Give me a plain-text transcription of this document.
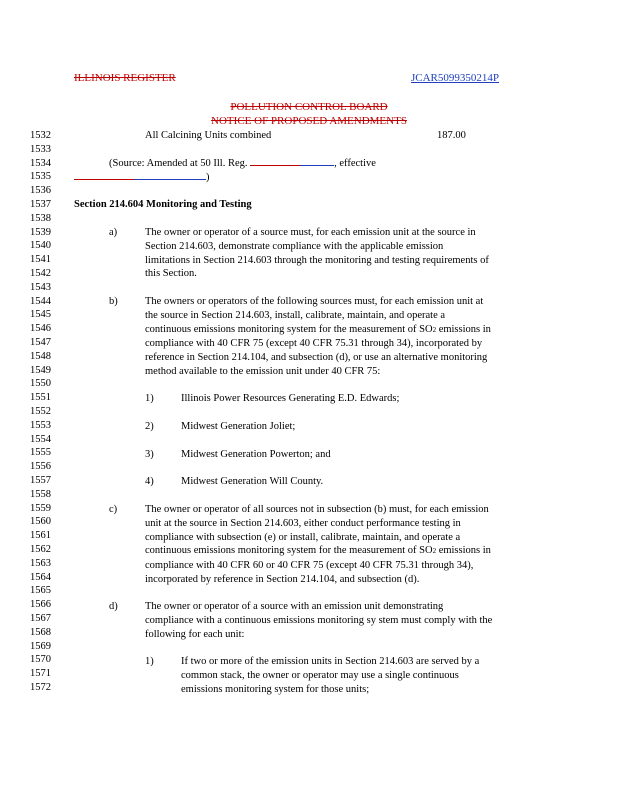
ILLINOIS REGISTER	JCAR5099350214P
POLLUTION CONTROL BOARD
NOTICE OF PROPOSED AMENDMENTS
1532
1533
1534
1535
1536
1537
1538
1539
1540
1541
1542
1543
1544
1545
1546
1547
1548
1549
1550
1551
1552
1553
1554
1555
1556
1557
1558
1559
1560
1561
1562
1563
1564
1565
1566
1567
1568
1569
1570
1571
1572
All Calcining Units combined	187.00
(Source: Amended at 50 Ill. Reg.	, effective
)
Section 214.604 Monitoring and Testing
a)	The owner or operator of a source must, for each emission unit at the source in
Section 214.603, demonstrate compliance with the applicable emission
limitations in Section 214.603 through the monitoring and testing requirements of
this Section.
b)	The owners or operators of the following sources must, for each emission unit at
the source in Section 214.603, install, calibrate, maintain, and operate a
continuous emissions monitoring system for the measurement of SO2 emissions in
compliance with 40 CFR 75 (except 40 CFR 75.31 through 34), incorporated by
reference in Section 214.104, and subsection (d), or use an alternative monitoring
method available to the emission unit under 40 CFR 75:
1)	Illinois Power Resources Generating E.D. Edwards;
2)	Midwest Generation Joliet;
3)	Midwest Generation Powerton; and
4)	Midwest Generation Will County.
c)	The owner or operator of all sources not in subsection (b) must, for each emission
unit at the source in Section 214.603, either conduct performance testing in
compliance with subsection (e) or install, calibrate, maintain, and operate a
continuous emissions monitoring system for the measurement of SO2 emissions in
compliance with 40 CFR 60 or 40 CFR 75 (except 40 CFR 75.31 through 34),
incorporated by reference in Section 214.104, and subsection (d).
d)	The owner or operator of a source with an emission unit demonstrating
compliance with a continuous emissions monitoring sy stem must comply with the
following for each unit:
1)	If two or more of the emission units in Section 214.603 are served by a
common stack, the owner or operator may use a single continuous
emissions monitoring system for those units;
